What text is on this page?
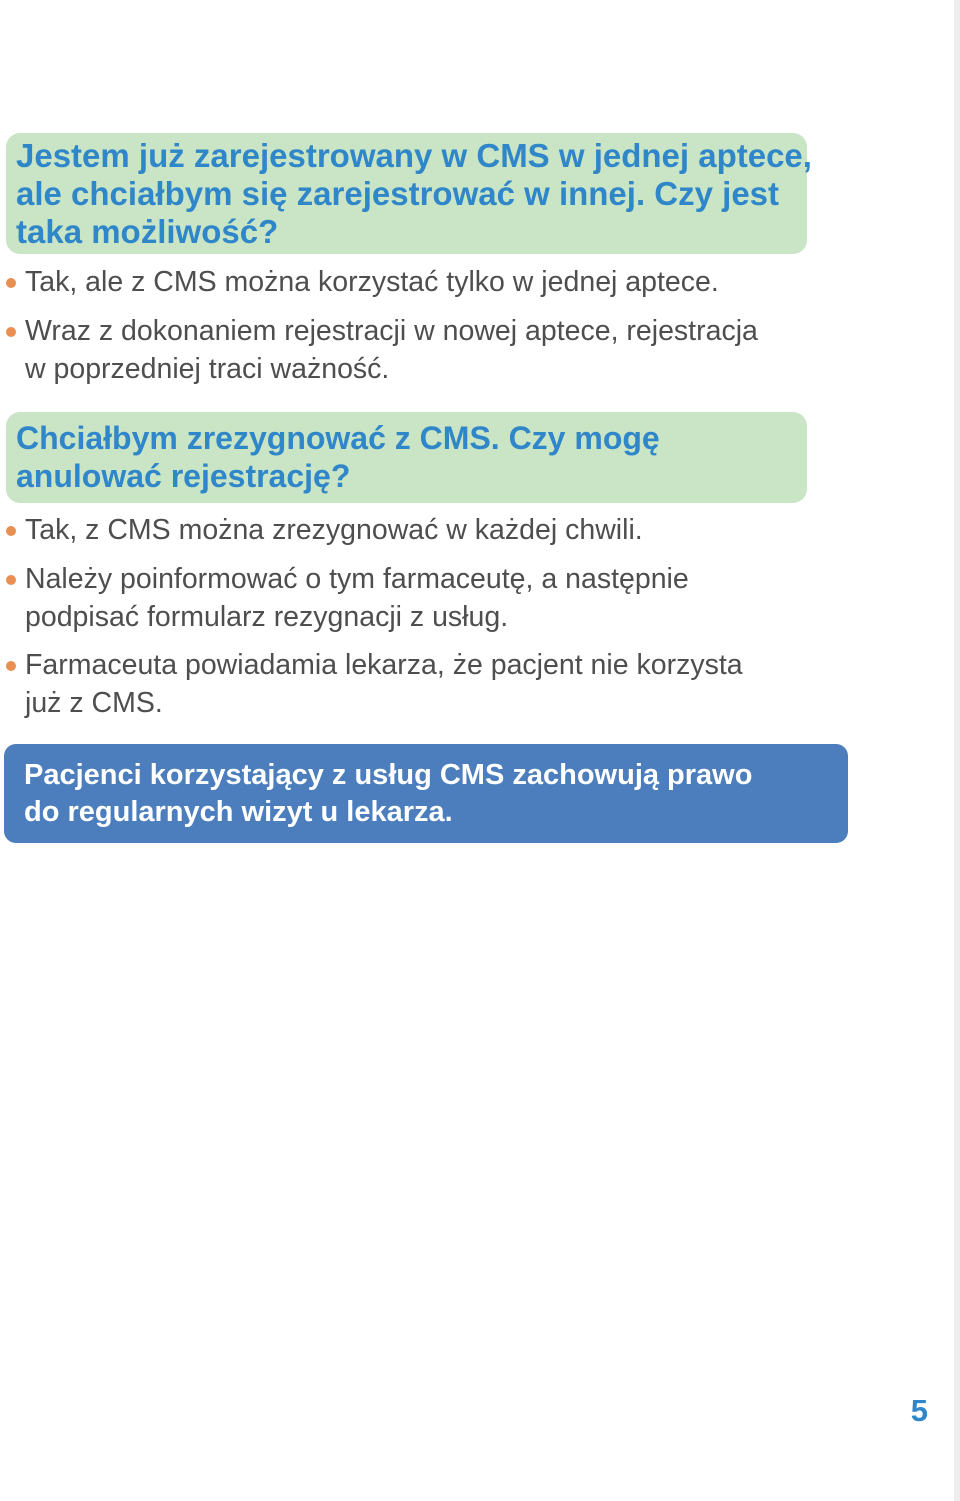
Jestem już zarejestrowany w CMS w jednej aptece,
ale chciałbym się zarejestrować w innej. Czy jest
taka możliwość?
Tak, ale z CMS można korzystać tylko w jednej aptece.
Wraz z dokonaniem rejestracji w nowej aptece, rejestracja
w poprzedniej traci ważność.
Chciałbym zrezygnować z CMS. Czy mogę
anulować rejestrację?
Tak, z CMS można zrezygnować w każdej chwili.
Należy poinformować o tym farmaceutę, a następnie
podpisać formularz rezygnacji z usług.
Farmaceuta powiadamia lekarza, że pacjent nie korzysta
już z CMS.
Pacjenci korzystający z usług CMS zachowują prawo
do regularnych wizyt u lekarza.
5
